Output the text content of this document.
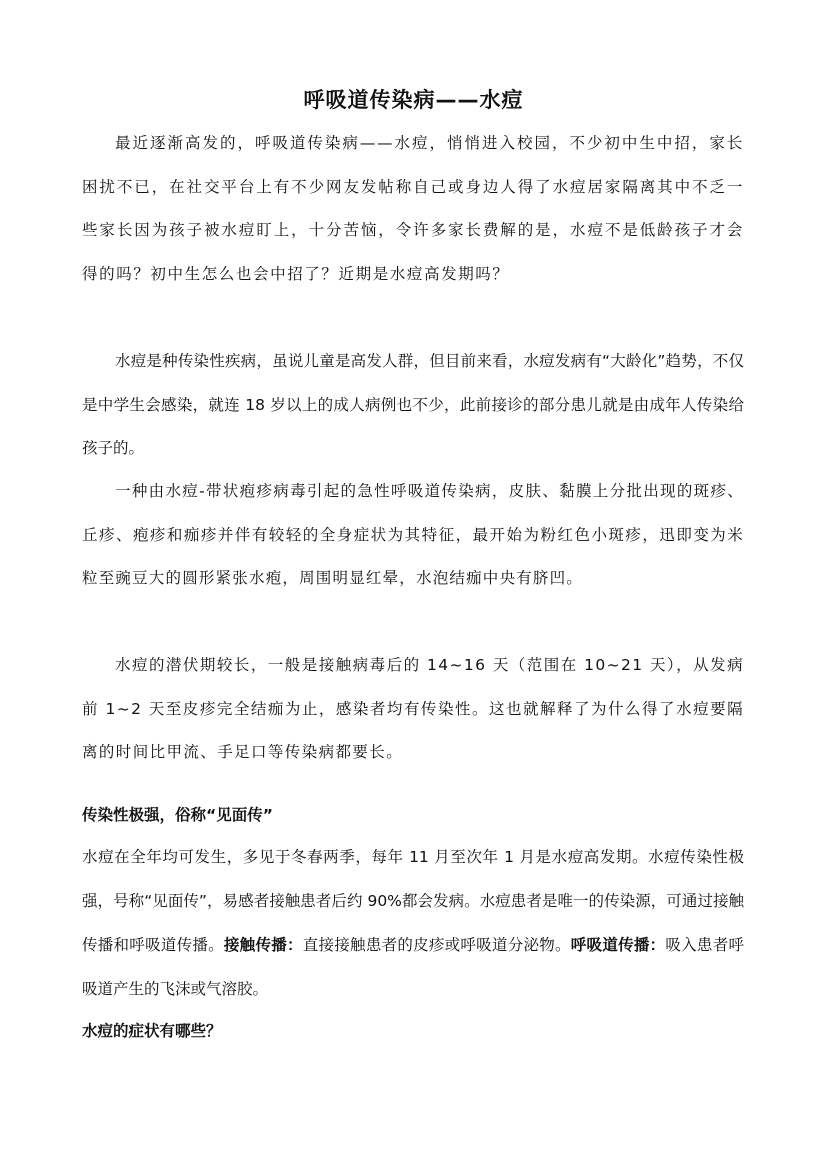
呼吸道传染病——水痘

最近逐渐高发的，呼吸道传染病——水痘，悄悄进入校园，不少初中生中招，家长困扰不已，在社交平台上有不少网友发帖称自己或身边人得了水痘居家隔离其中不乏一些家长因为孩子被水痘盯上，十分苦恼，令许多家长费解的是，水痘不是低龄孩子才会得的吗？初中生怎么也会中招了？近期是水痘高发期吗？

水痘是种传染性疾病，虽说儿童是高发人群，但目前来看，水痘发病有“大龄化”趋势，不仅是中学生会感染，就连 18 岁以上的成人病例也不少，此前接诊的部分患儿就是由成年人传染给孩子的。

一种由水痘-带状疱疹病毒引起的急性呼吸道传染病，皮肤、黏膜上分批出现的斑疹、丘疹、疱疹和痂疹并伴有较轻的全身症状为其特征，最开始为粉红色小斑疹，迅即变为米粒至豌豆大的圆形紧张水疱，周围明显红晕，水泡结痂中央有脐凹。

水痘的潜伏期较长，一般是接触病毒后的 14~16 天（范围在 10~21 天），从发病前 1~2 天至皮疹完全结痂为止，感染者均有传染性。这也就解释了为什么得了水痘要隔离的时间比甲流、手足口等传染病都要长。

传染性极强，俗称“见面传”

水痘在全年均可发生，多见于冬春两季，每年 11 月至次年 1 月是水痘高发期。水痘传染性极强，号称“见面传”，易感者接触患者后约 90%都会发病。水痘患者是唯一的传染源，可通过接触传播和呼吸道传播。接触传播：直接接触患者的皮疹或呼吸道分泌物。呼吸道传播：吸入患者呼吸道产生的飞沫或气溶胶。

水痘的症状有哪些？
